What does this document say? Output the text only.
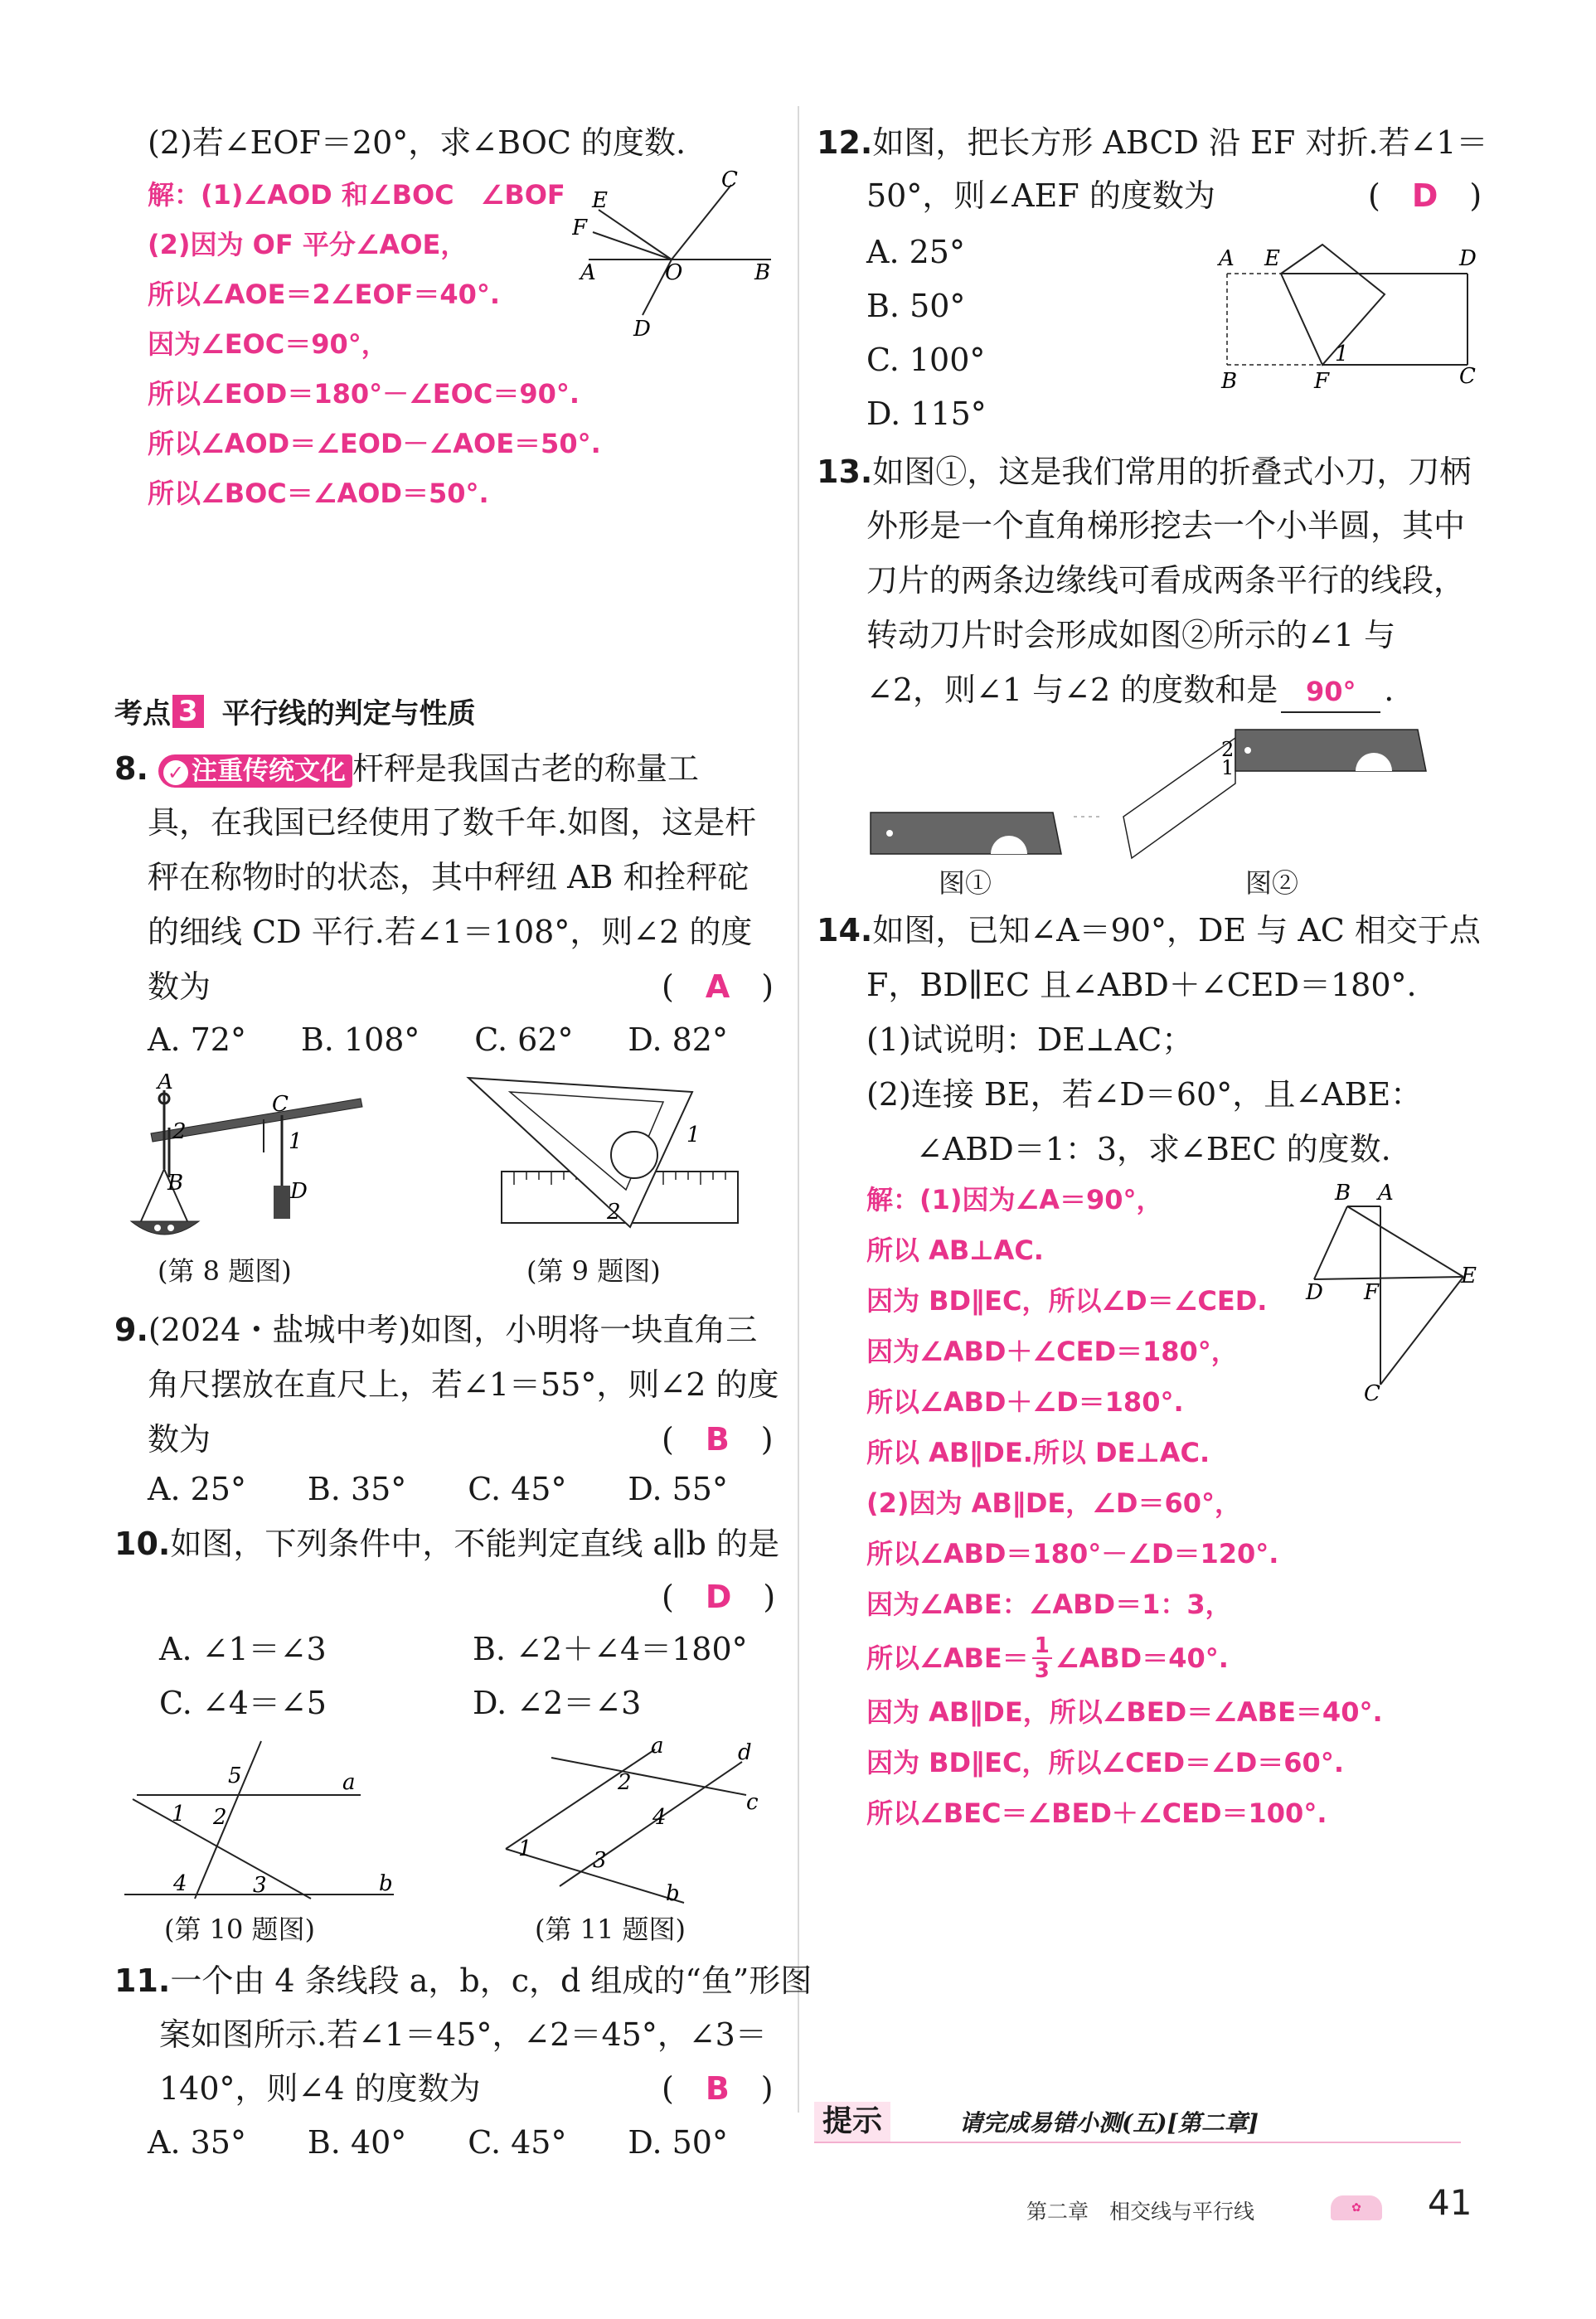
(2)若∠EOF＝20°，求∠BOC 的度数.
解：(1)∠AOD 和∠BOC　∠BOF
(2)因为 OF 平分∠AOE，
所以∠AOE＝2∠EOF＝40°.
因为∠EOC＝90°，
所以∠EOD＝180°－∠EOC＝90°.
所以∠AOD＝∠EOD－∠AOE＝50°.
所以∠BOC＝∠AOD＝50°.
E
F
A	O	B
C
D
考点 3 平行线的判定与性质
8. ✓ 注重传统文化 杆秤是我国古老的称量工
具，在我国已经使用了数千年.如图，这是杆
秤在称物时的状态，其中秤纽 AB 和拴秤砣
的细线 CD 平行.若∠1＝108°，则∠2 的度
数为	(　A　)
A. 72° B. 108° C. 62° D. 82°
A
B
C
D
1
2
(第 8 题图)
1
2
(第 9 题图)
9.(2024・盐城中考)如图，小明将一块直角三
角尺摆放在直尺上，若∠1＝55°，则∠2 的度
数为	(　B　)
A. 25° B. 35° C. 45° D. 55°
10.如图，下列条件中，不能判定直线 a∥b 的是
(　D　)
A. ∠1＝∠3	B. ∠2＋∠4＝180°
C. ∠4＝∠5	D. ∠2＝∠3
5	a
1 2
4	3	b
(第 10 题图)
a	d
2
4
c
1	3
b
(第 11 题图)
11.一个由 4 条线段 a，b，c，d 组成的“鱼”形图
案如图所示.若∠1＝45°，∠2＝45°，∠3＝
140°，则∠4 的度数为	(　B　)
A. 35° B. 40° C. 45° D. 50°
12.如图，把长方形 ABCD 沿 EF 对折.若∠1＝
50°，则∠AEF 的度数为	(　D　)
A. 25°
B. 50°
C. 100°
D. 115°
A E	D
B	F	C
1
13.如图①，这是我们常用的折叠式小刀，刀柄
外形是一个直角梯形挖去一个小半圆，其中
刀片的两条边缘线可看成两条平行的线段，
转动刀片时会形成如图②所示的∠1 与
∠2，则∠1 与∠2 的度数和是 90° .
2
1
图①	图②
14.如图，已知∠A＝90°，DE 与 AC 相交于点
F，BD∥EC 且∠ABD＋∠CED＝180°.
(1)试说明：DE⊥AC；
(2)连接 BE，若∠D＝60°，且∠ABE：
∠ABD＝1：3，求∠BEC 的度数.
解：(1)因为∠A＝90°，
所以 AB⊥AC.
因为 BD∥EC，所以∠D＝∠CED.
因为∠ABD＋∠CED＝180°，
所以∠ABD＋∠D＝180°.
所以 AB∥DE.所以 DE⊥AC.
(2)因为 AB∥DE，∠D＝60°，
所以∠ABD＝180°－∠D＝120°.
因为∠ABE：∠ABD＝1：3，
所以∠ABE＝ 1
3 ∠ABD＝40°.
因为 AB∥DE，所以∠BED＝∠ABE＝40°.
因为 BD∥EC，所以∠CED＝∠D＝60°.
所以∠BEC＝∠BED＋∠CED＝100°.
B A
D F
E
C
提示	请完成易错小测(五)[第二章]
第二章　相交线与平行线	✿	41
